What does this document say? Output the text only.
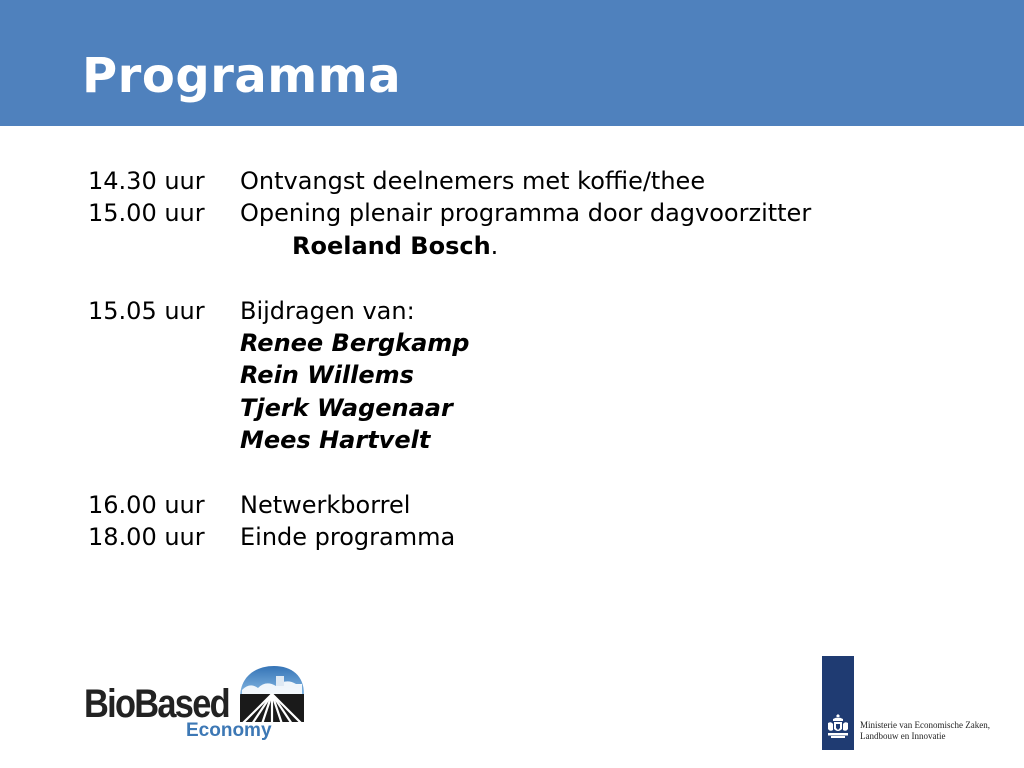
Programma
14.30 uur Ontvangst deelnemers met koffie/thee
15.00 uur Opening plenair programma door dagvoorzitter
Roeland Bosch.
15.05 uur Bijdragen van:
Renee Bergkamp
Rein Willems
Tjerk Wagenaar
Mees Hartvelt
16.00 uur Netwerkborrel
18.00 uur Einde programma
BioBased
Economy	Ministerie van Economische Zaken,
Landbouw en Innovatie
